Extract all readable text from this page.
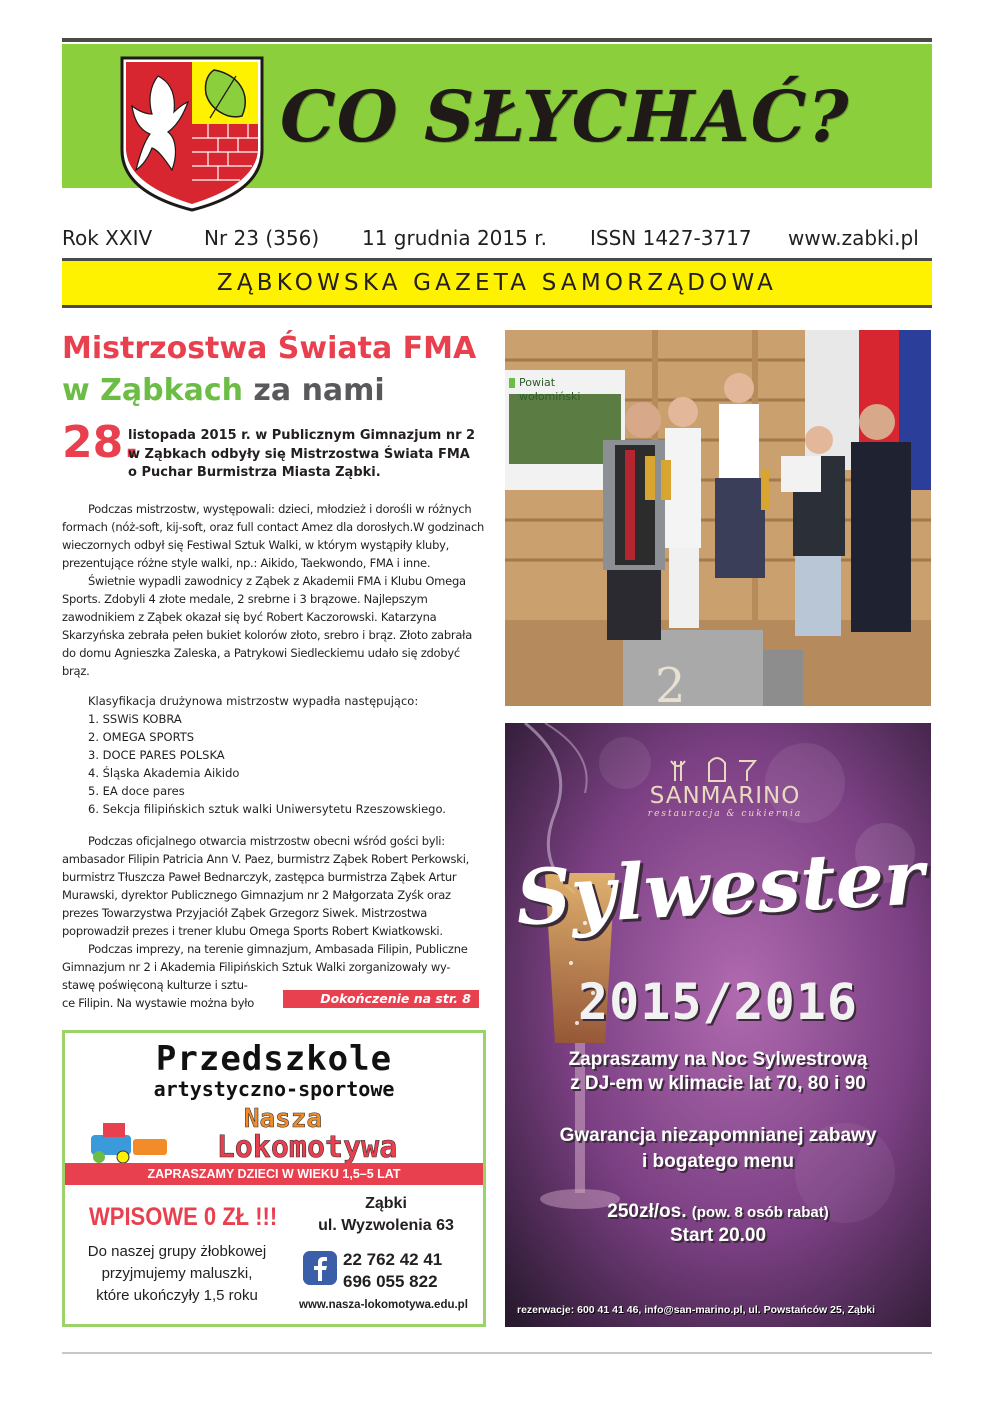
CO SŁYCHAĆ?
Rok XXIV	Nr 23 (356) 11 grudnia 2015 r. ISSN 1427-3717 www.zabki.pl
ZĄBKOWSKA GAZETA SAMORZĄDOWA
Mistrzostwa Świata FMA
w Ząbkach za nami
28.

listopada 2015 r. w Publicznym Gimnazjum nr 2

w Ząbkach odbyły się Mistrzostwa Świata FMA

o Puchar Burmistrza Miasta Ząbki.

Podczas mistrzostw, występowali: dzieci, młodzież i dorośli w różnych formach (nóż-soft, kij-soft, oraz full contact Amez dla dorosłych.W godzinach wieczornych odbył się Festiwal Sztuk Walki, w którym wystąpiły kluby, prezentujące różne style walki, np.: Aikido, Taekwondo, FMA i inne.

Świetnie wypadli zawodnicy z Ząbek z Akademii FMA i Klubu Omega Sports. Zdobyli 4 złote medale, 2 srebrne i 3 brązowe. Najlepszym zawodnikiem z Ząbek okazał się być Robert Kaczorowski. Katarzyna Skarzyńska zebrała pełen bukiet kolorów złoto, srebro i brąz. Złoto zabrała do domu Agnieszka Zaleska, a Patrykowi Siedleckiemu udało się zdobyć brąz.

Klasyfikacja drużynowa mistrzostw wypadła następująco:
1. SSWiS KOBRA
2. OMEGA SPORTS
3. DOCE PARES POLSKA
4. Śląska Akademia Aikido
5. EA doce pares
6. Sekcja filipińskich sztuk walki Uniwersytetu Rzeszowskiego.

Podczas oficjalnego otwarcia mistrzostw obecni wśród gości byli: ambasador Filipin Patricia Ann V. Paez, burmistrz Ząbek Robert Perkowski, burmistrz Tłuszcza Paweł Bednarczyk, zastępca burmistrza Ząbek Artur Murawski, dyrektor Publicznego Gimnazjum nr 2 Małgorzata Zyśk oraz prezes Towarzystwa Przyjaciół Ząbek Grzegorz Siwek. Mistrzostwa poprowadził prezes i trener klubu Omega Sports Robert Kwiatkowski.

Podczas imprezy, na terenie gimnazjum, Ambasada Filipin, Publiczne Gimnazjum nr 2 i Akademia Filipińskich Sztuk Walki zorganizowały wy-

stawę poświęconą kulturze i sztu-
ce Filipin. Na wystawie można było	Dokończenie na str. 8
Powiat
wołomiński
2
Przedszkole
artystyczno-sportowe
Nasza
Lokomotywa
ZAPRASZAMY DZIECI W WIEKU 1,5–5 LAT
WPISOWE 0 ZŁ !!!
Do naszej grupy żłobkowej
przyjmujemy maluszki,
które ukończyły 1,5 roku
Ząbki
ul. Wyzwolenia 63
22 762 42 41
696 055 822
www.nasza-lokomotywa.edu.pl
SANMARINO
restauracja & cukiernia
Sylwester
2015/2016
Zapraszamy na Noc Sylwestrową
z DJ-em w klimacie lat 70, 80 i 90
Gwarancja niezapomnianej zabawy
i bogatego menu
250zł/os. (pow. 8 osób rabat)
Start 20.00
rezerwacje: 600 41 41 46, info@san-marino.pl, ul. Powstańców 25, Ząbki
